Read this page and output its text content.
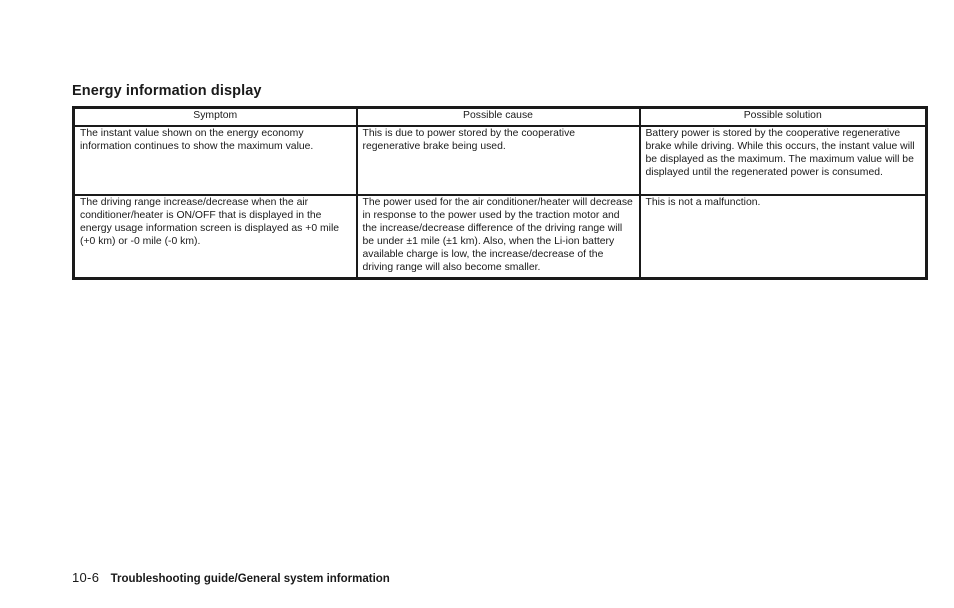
Energy information display
Symptom	Possible cause	Possible solution
The instant value shown on the energy economy information continues to show the maximum value.	This is due to power stored by the cooperative regenerative brake being used.	Battery power is stored by the cooperative regenerative brake while driving. While this occurs, the instant value will be displayed as the maximum. The maximum value will be displayed until the regenerated power is consumed.
The driving range increase/decrease when the air conditioner/heater is ON/OFF that is displayed in the energy usage information screen is displayed as +0 mile (+0 km) or -0 mile (-0 km).	The power used for the air conditioner/heater will decrease in response to the power used by the traction motor and the increase/decrease difference of the driving range will be under ±1 mile (±1 km). Also, when the Li-ion battery available charge is low, the increase/decrease of the driving range will also become smaller.	This is not a malfunction.
10-6 Troubleshooting guide/General system information
